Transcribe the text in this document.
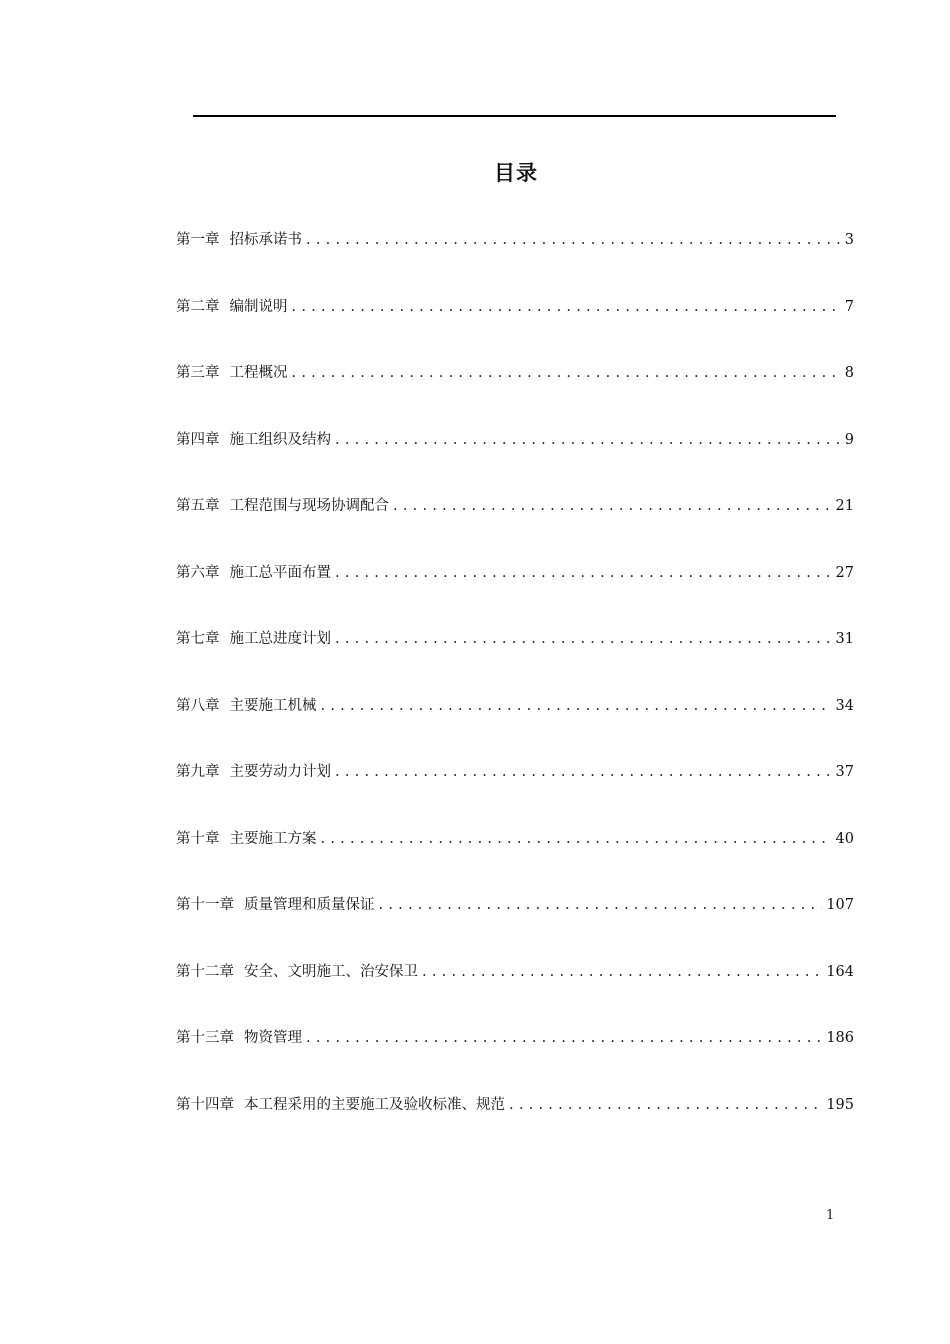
目录
第一章 招标承诺书 . . .	3
第二章 编制说明 . . .	7
第三章 工程概况 . . .	8
第四章 施工组织及结构 . . .	9
第五章 工程范围与现场协调配合 . . .	21
第六章 施工总平面布置 . . .	27
第七章 施工总进度计划 . . .	31
第八章 主要施工机械 . . .	34
第九章 主要劳动力计划 . . .	37
第十章 主要施工方案 . . .	40
第十一章 质量管理和质量保证 . . .	107
第十二章 安全、文明施工、治安保卫 . . .	164
第十三章 物资管理 . . .	186
第十四章 本工程采用的主要施工及验收标准、规范 . . .	195
1
